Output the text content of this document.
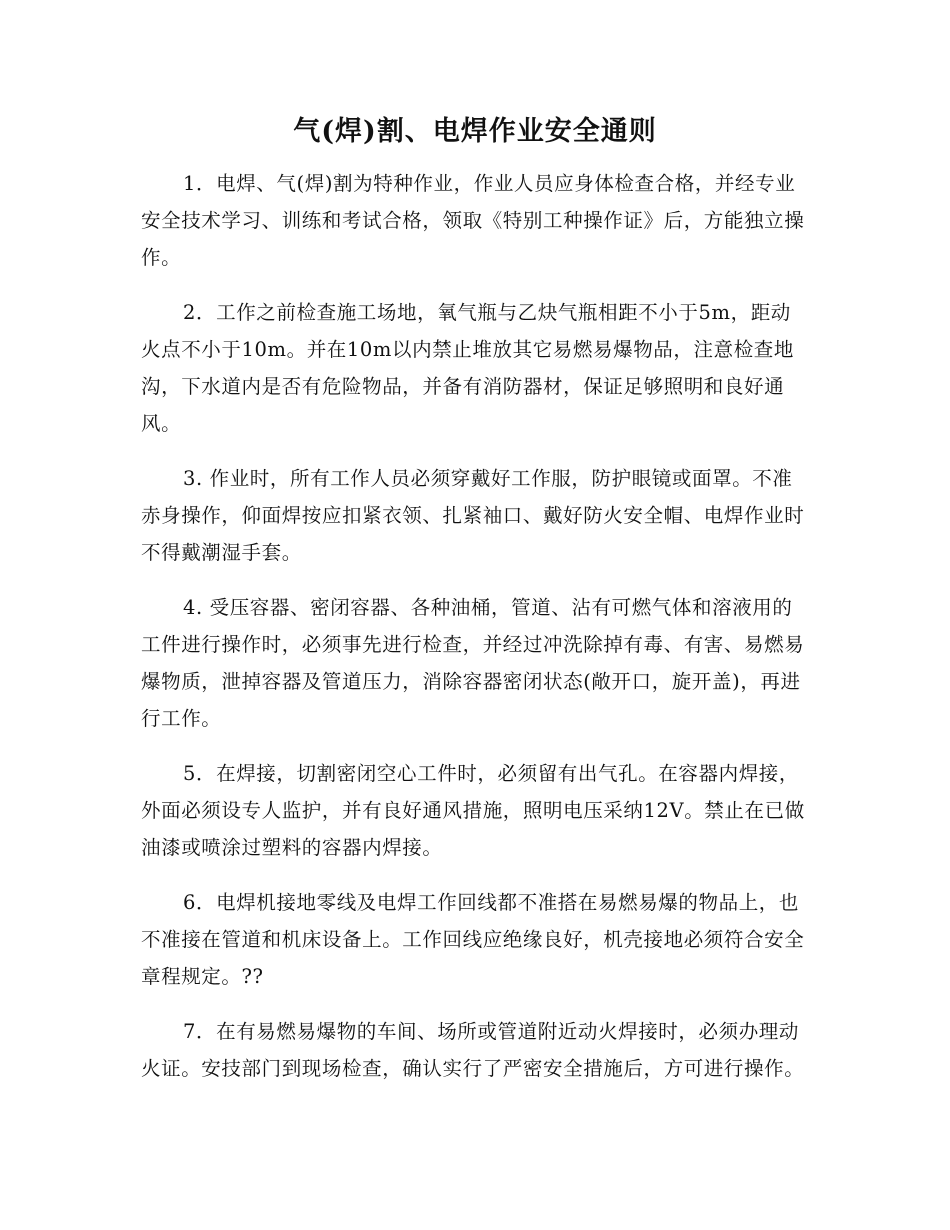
气(焊)割、电焊作业安全通则

1．电焊、气(焊)割为特种作业，作业人员应身体检查合格，并经专业安全技术学习、训练和考试合格，领取《特别工种操作证》后，方能独立操作。

2．工作之前检查施工场地，氧气瓶与乙炔气瓶相距不小于5m，距动火点不小于10m。并在10m以内禁止堆放其它易燃易爆物品，注意检查地沟，下水道内是否有危险物品，并备有消防器材，保证足够照明和良好通风。

3. 作业时，所有工作人员必须穿戴好工作服，防护眼镜或面罩。不准赤身操作，仰面焊按应扣紧衣领、扎紧袖口、戴好防火安全帽、电焊作业时不得戴潮湿手套。

4. 受压容器、密闭容器、各种油桶，管道、沾有可燃气体和溶液用的工件进行操作时，必须事先进行检查，并经过冲洗除掉有毒、有害、易燃易爆物质，泄掉容器及管道压力，消除容器密闭状态(敞开口，旋开盖)，再进行工作。

5．在焊接，切割密闭空心工件时，必须留有出气孔。在容器内焊接，外面必须设专人监护，并有良好通风措施，照明电压采纳12V。禁止在已做油漆或喷涂过塑料的容器内焊接。

6．电焊机接地零线及电焊工作回线都不准搭在易燃易爆的物品上，也不准接在管道和机床设备上。工作回线应绝缘良好，机壳接地必须符合安全章程规定。??

7．在有易燃易爆物的车间、场所或管道附近动火焊接时，必须办理动火证。安技部门到现场检查，确认实行了严密安全措施后，方可进行操作。
